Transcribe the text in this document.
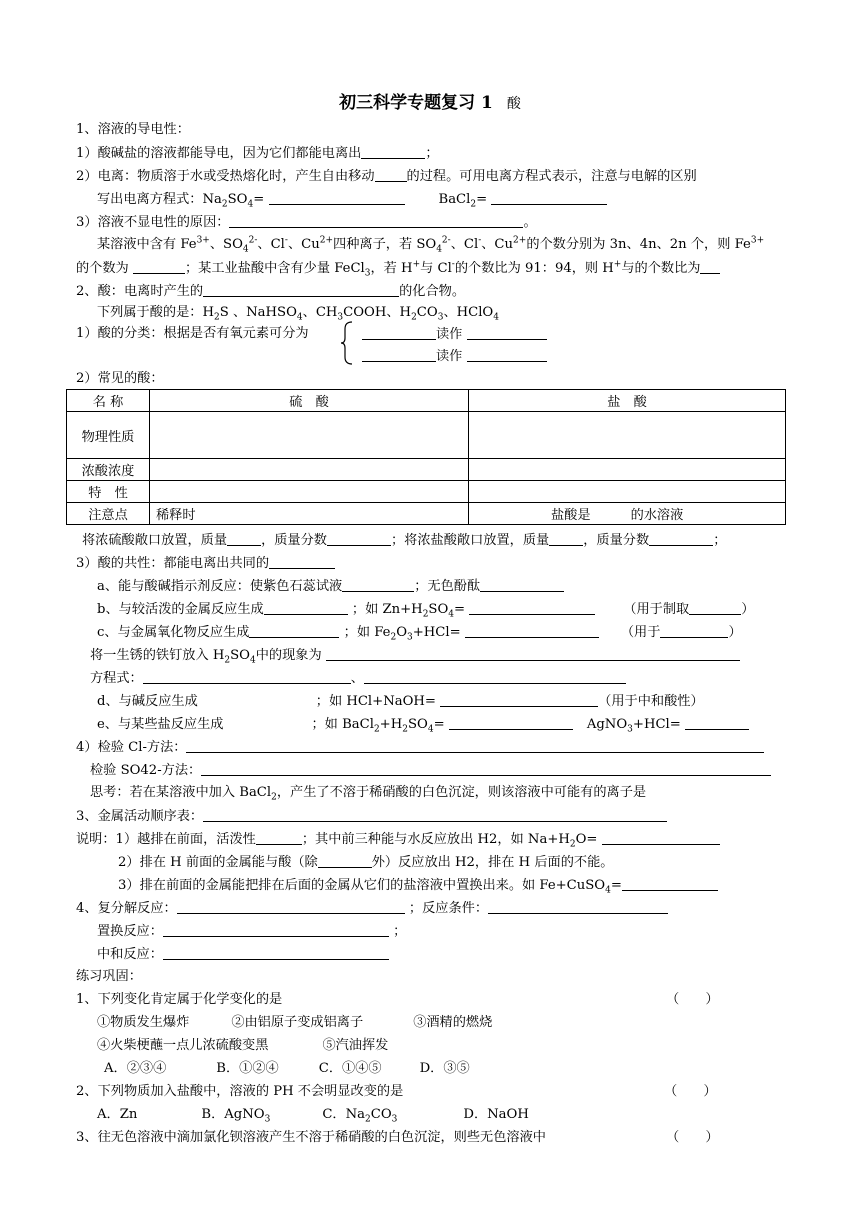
初三科学专题复习 1 酸
1、溶液的导电性：
1）酸碱盐的溶液都能导电，因为它们都能电离出	；
2）电离：物质溶于水或受热熔化时，产生自由移动 的过程。可用电离方程式表示，注意与电解的区别
写出电离方程式：$Na_2SO_4=$	BaCl$_2$=
3）溶液不显电性的原因：	。
某溶液中含有 $Fe^{3+}$、$SO_4^{2-}$、Cl-、$Cu^{2+}$四种离子，若 $SO_4^{2-}$、Cl-、$Cu^{2+}$的个数分别为 3n、4n、2n 个，则 $Fe^{3+}$
的个数为	；某工业盐酸中含有少量 FeCl$_3$，若 H+与 Cl-的个数比为 91：94，则 H+与的个数比为
2、酸：电离时产生的	的化合物。
下列属于酸的是：$H_2S$ 、NaHSO$_4$、$CH_3COOH$、$H_2CO_3$、HClO$_4$
1）酸的分类：根据是否有氧元素可分为	读作
读作
2）常见的酸：
名 称	硫　酸	盐　酸
物理性质		
浓酸浓度		
特　性		
注意点	稀释时	盐酸是 的水溶液
将浓硫酸敞口放置，质量	，质量分数	；将浓盐酸敞口放置，质量	，质量分数	；
3）酸的共性：都能电离出共同的
a、能与酸碱指示剂反应：使紫色石蕊试液	；无色酚酞
b、与较活泼的金属反应生成	；如 $Zn+H_2SO_4=$	（用于制取	）
c、与金属氧化物反应生成	；如 $Fe_2O_3+HCl=$	（用于	）
将一生锈的铁钉放入 $H_2SO_4$中的现象为
方程式：	、
d、与碱反应生成	；如 HCl+NaOH=	（用于中和酸性）
e、与某些盐反应生成	；如 $BaCl_2+H_2SO_4=$	AgNO$_3$+HCl=
4）检验 Cl-方法：
检验 SO42-方法：
思考：若在某溶液中加入 BaCl$_2$，产生了不溶于稀硝酸的白色沉淀，则该溶液中可能有的离子是
3、金属活动顺序表：
说明：1）越排在前面，活泼性	；其中前三种能与水反应放出 H2，如 $Na+H_2O=$
2）排在 H 前面的金属能与酸（除	外）反应放出 H2，排在 H 后面的不能。
3）排在前面的金属能把排在后面的金属从它们的盐溶液中置换出来。如 Fe+CuSO$_4$=
4、复分解反应：	；反应条件：
置换反应：	；
中和反应：
练习巩固：
1、下列变化肯定属于化学变化的是	（　　）
①物质发生爆炸	②由铝原子变成铝离子	③酒精的燃烧
④火柴梗蘸一点儿浓硫酸变黑	⑤汽油挥发
A．②③④	B．①②④	C．①④⑤	D．③⑤
2、下列物质加入盐酸中，溶液的 PH 不会明显改变的是	（　　）
A．Zn	B．AgNO$_3$	C．$Na_2CO_3$	D．NaOH
3、往无色溶液中滴加氯化钡溶液产生不溶于稀硝酸的白色沉淀，则些无色溶液中	（　　）
